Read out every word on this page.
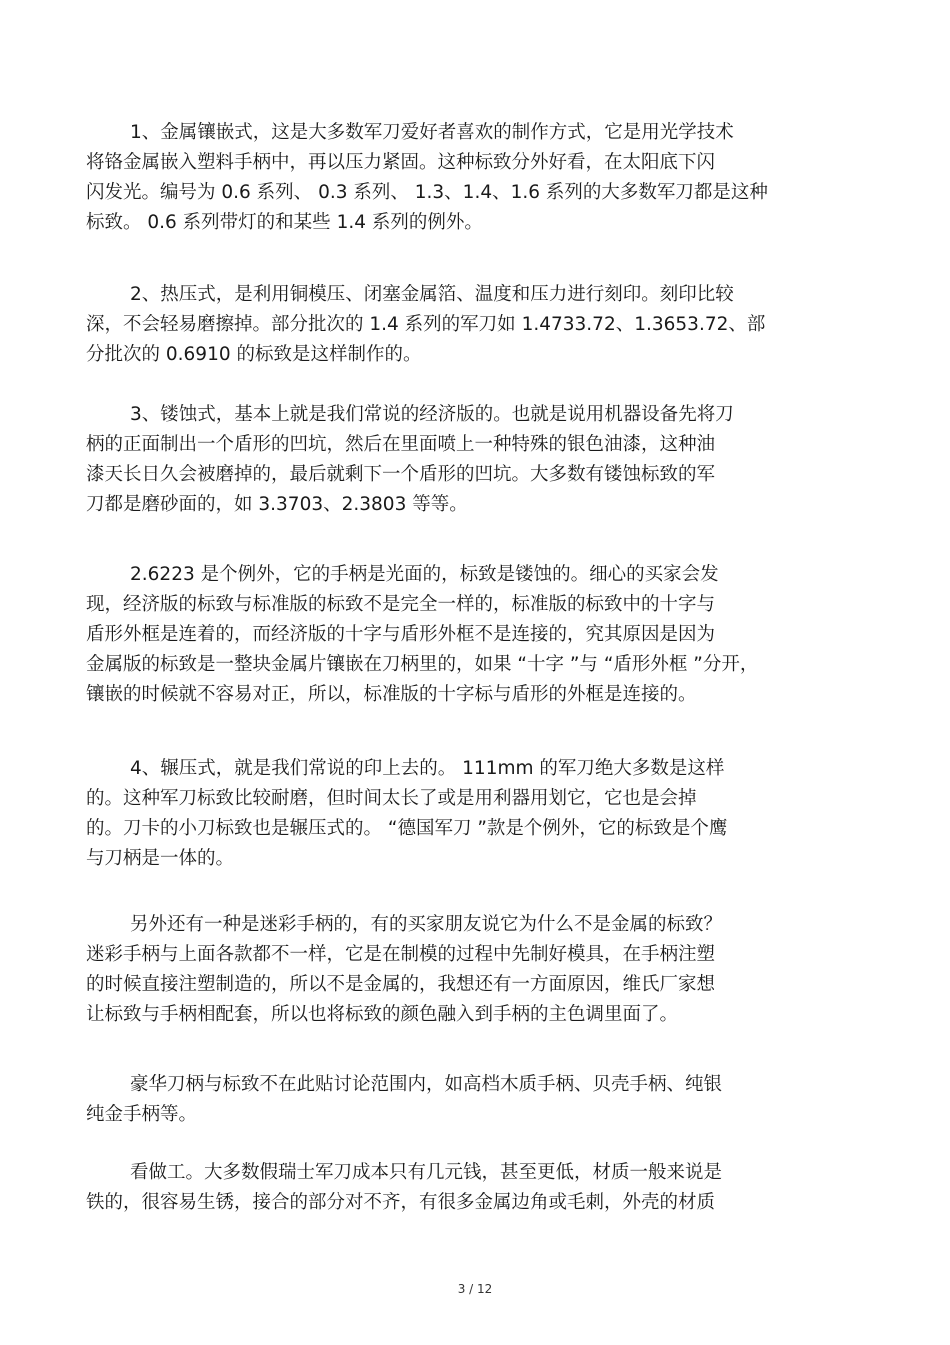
1、金属镶嵌式，这是大多数军刀爱好者喜欢的制作方式，它是用光学技术
将铬金属嵌入塑料手柄中，再以压力紧固。这种标致分外好看，在太阳底下闪
闪发光。编号为 0.6 系列、 0.3 系列、 1.3、1.4、1.6 系列的大多数军刀都是这种
标致。 0.6 系列带灯的和某些 1.4 系列的例外。
2、热压式，是利用铜模压、闭塞金属箔、温度和压力进行刻印。刻印比较
深，不会轻易磨擦掉。部分批次的 1.4 系列的军刀如 1.4733.72、1.3653.72、部
分批次的 0.6910 的标致是这样制作的。
3、镂蚀式，基本上就是我们常说的经济版的。也就是说用机器设备先将刀
柄的正面制出一个盾形的凹坑，然后在里面喷上一种特殊的银色油漆，这种油
漆天长日久会被磨掉的，最后就剩下一个盾形的凹坑。大多数有镂蚀标致的军
刀都是磨砂面的，如 3.3703、2.3803 等等。
2.6223 是个例外，它的手柄是光面的，标致是镂蚀的。细心的买家会发
现，经济版的标致与标准版的标致不是完全一样的，标准版的标致中的十字与
盾形外框是连着的，而经济版的十字与盾形外框不是连接的，究其原因是因为
金属版的标致是一整块金属片镶嵌在刀柄里的，如果 “十字 ”与 “盾形外框 ”分开，
镶嵌的时候就不容易对正，所以，标准版的十字标与盾形的外框是连接的。
4、辗压式，就是我们常说的印上去的。 111mm 的军刀绝大多数是这样
的。这种军刀标致比较耐磨，但时间太长了或是用利器用划它，它也是会掉
的。刀卡的小刀标致也是辗压式的。 “德国军刀 ”款是个例外，它的标致是个鹰
与刀柄是一体的。
另外还有一种是迷彩手柄的，有的买家朋友说它为什么不是金属的标致？
迷彩手柄与上面各款都不一样，它是在制模的过程中先制好模具，在手柄注塑
的时候直接注塑制造的，所以不是金属的，我想还有一方面原因，维氏厂家想
让标致与手柄相配套，所以也将标致的颜色融入到手柄的主色调里面了。
豪华刀柄与标致不在此贴讨论范围内，如高档木质手柄、贝壳手柄、纯银
纯金手柄等。
看做工。大多数假瑞士军刀成本只有几元钱，甚至更低，材质一般来说是
铁的，很容易生锈，接合的部分对不齐，有很多金属边角或毛刺，外壳的材质
3 / 12
